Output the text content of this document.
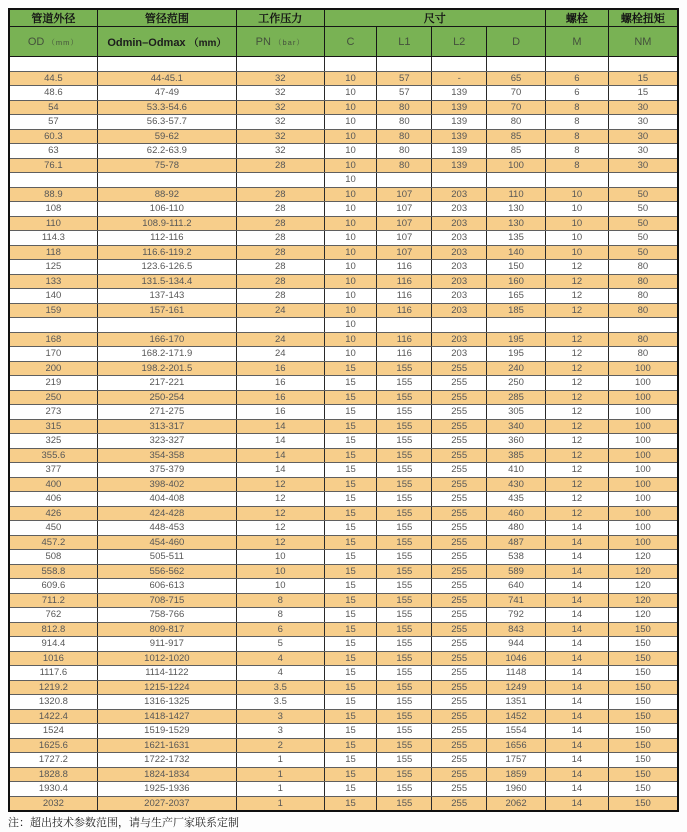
管道外径	管径范围	工作压力	尺寸				螺栓	螺栓扭矩
OD （mm）	Odmin–Odmax （mm）	PN （bar）	C	L1	L2	D	M	NM

44.5	44-45.1	32	10	57	-	65	6	15
48.6	47-49	32	10	57	139	70	6	15
54	53.3-54.6	32	10	80	139	70	8	30
57	56.3-57.7	32	10	80	139	80	8	30
60.3	59-62	32	10	80	139	85	8	30
63	62.2-63.9	32	10	80	139	85	8	30
76.1	75-78	28	10	80	139	100	8	30
			10					
88.9	88-92	28	10	107	203	110	10	50
108	106-110	28	10	107	203	130	10	50
110	108.9-111.2	28	10	107	203	130	10	50
114.3	112-116	28	10	107	203	135	10	50
118	116.6-119.2	28	10	107	203	140	10	50
125	123.6-126.5	28	10	116	203	150	12	80
133	131.5-134.4	28	10	116	203	160	12	80
140	137-143	28	10	116	203	165	12	80
159	157-161	24	10	116	203	185	12	80
			10					
168	166-170	24	10	116	203	195	12	80
170	168.2-171.9	24	10	116	203	195	12	80
200	198.2-201.5	16	15	155	255	240	12	100
219	217-221	16	15	155	255	250	12	100
250	250-254	16	15	155	255	285	12	100
273	271-275	16	15	155	255	305	12	100
315	313-317	14	15	155	255	340	12	100
325	323-327	14	15	155	255	360	12	100
355.6	354-358	14	15	155	255	385	12	100
377	375-379	14	15	155	255	410	12	100
400	398-402	12	15	155	255	430	12	100
406	404-408	12	15	155	255	435	12	100
426	424-428	12	15	155	255	460	12	100
450	448-453	12	15	155	255	480	14	100
457.2	454-460	12	15	155	255	487	14	100
508	505-511	10	15	155	255	538	14	120
558.8	556-562	10	15	155	255	589	14	120
609.6	606-613	10	15	155	255	640	14	120
711.2	708-715	8	15	155	255	741	14	120
762	758-766	8	15	155	255	792	14	120
812.8	809-817	6	15	155	255	843	14	150
914.4	911-917	5	15	155	255	944	14	150
1016	1012-1020	4	15	155	255	1046	14	150
1117.6	1114-1122	4	15	155	255	1148	14	150
1219.2	1215-1224	3.5	15	155	255	1249	14	150
1320.8	1316-1325	3.5	15	155	255	1351	14	150
1422.4	1418-1427	3	15	155	255	1452	14	150
1524	1519-1529	3	15	155	255	1554	14	150
1625.6	1621-1631	2	15	155	255	1656	14	150
1727.2	1722-1732	1	15	155	255	1757	14	150
1828.8	1824-1834	1	15	155	255	1859	14	150
1930.4	1925-1936	1	15	155	255	1960	14	150
2032	2027-2037	1	15	155	255	2062	14	150
注：超出技术参数范围，请与生产厂家联系定制
